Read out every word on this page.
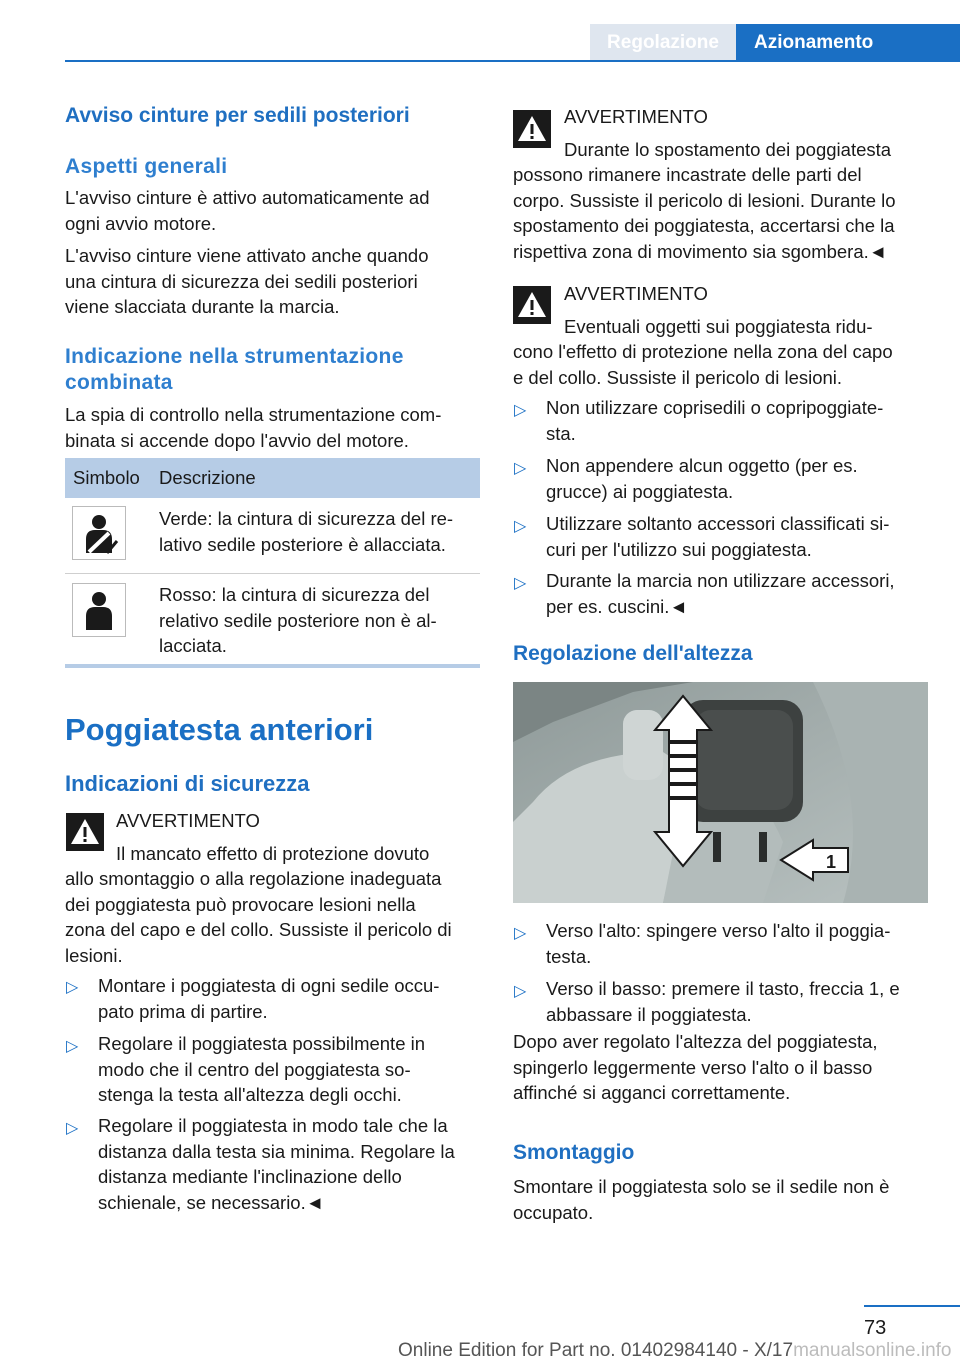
Regolazione	Azionamento
Avviso cinture per sedili posteriori
Aspetti generali
L'avviso cinture è attivo automaticamente ad
ogni avvio motore.
L'avviso cinture viene attivato anche quando
una cintura di sicurezza dei sedili posteriori
viene slacciata durante la marcia.
Indicazione nella strumentazione
combinata
La spia di controllo nella strumentazione com-
binata si accende dopo l'avvio del motore.
Simbolo Descrizione
Verde: la cintura di sicurezza del re-
lativo sedile posteriore è allacciata.
Rosso: la cintura di sicurezza del
relativo sedile posteriore non è al-
lacciata.
Poggiatesta anteriori
Indicazioni di sicurezza
AVVERTIMENTO
Il mancato effetto di protezione dovuto
allo smontaggio o alla regolazione inadeguata
dei poggiatesta può provocare lesioni nella
zona del capo e del collo. Sussiste il pericolo di
lesioni.
▷ Montare i poggiatesta di ogni sedile occu-
pato prima di partire.
▷ Regolare il poggiatesta possibilmente in
modo che il centro del poggiatesta so-
stenga la testa all'altezza degli occhi.
▷ Regolare il poggiatesta in modo tale che la
distanza dalla testa sia minima. Regolare la
distanza mediante l'inclinazione dello
schienale, se necessario.◄
AVVERTIMENTO
Durante lo spostamento dei poggiatesta
possono rimanere incastrate delle parti del
corpo. Sussiste il pericolo di lesioni. Durante lo
spostamento dei poggiatesta, accertarsi che la
rispettiva zona di movimento sia sgombera.◄
AVVERTIMENTO
Eventuali oggetti sui poggiatesta ridu-
cono l'effetto di protezione nella zona del capo
e del collo. Sussiste il pericolo di lesioni.
▷ Non utilizzare coprisedili o copripoggiate-
sta.
▷ Non appendere alcun oggetto (per es.
grucce) ai poggiatesta.
▷ Utilizzare soltanto accessori classificati si-
curi per l'utilizzo sui poggiatesta.
▷ Durante la marcia non utilizzare accessori,
per es. cuscini.◄
Regolazione dell'altezza
1
▷ Verso l'alto: spingere verso l'alto il poggia-
testa.
▷ Verso il basso: premere il tasto, freccia 1, e
abbassare il poggiatesta.
Dopo aver regolato l'altezza del poggiatesta,
spingerlo leggermente verso l'alto o il basso
affinché si agganci correttamente.
Smontaggio
Smontare il poggiatesta solo se il sedile non è
occupato.
73
Online Edition for Part no. 01402984140 - X/17manualsonline.info
